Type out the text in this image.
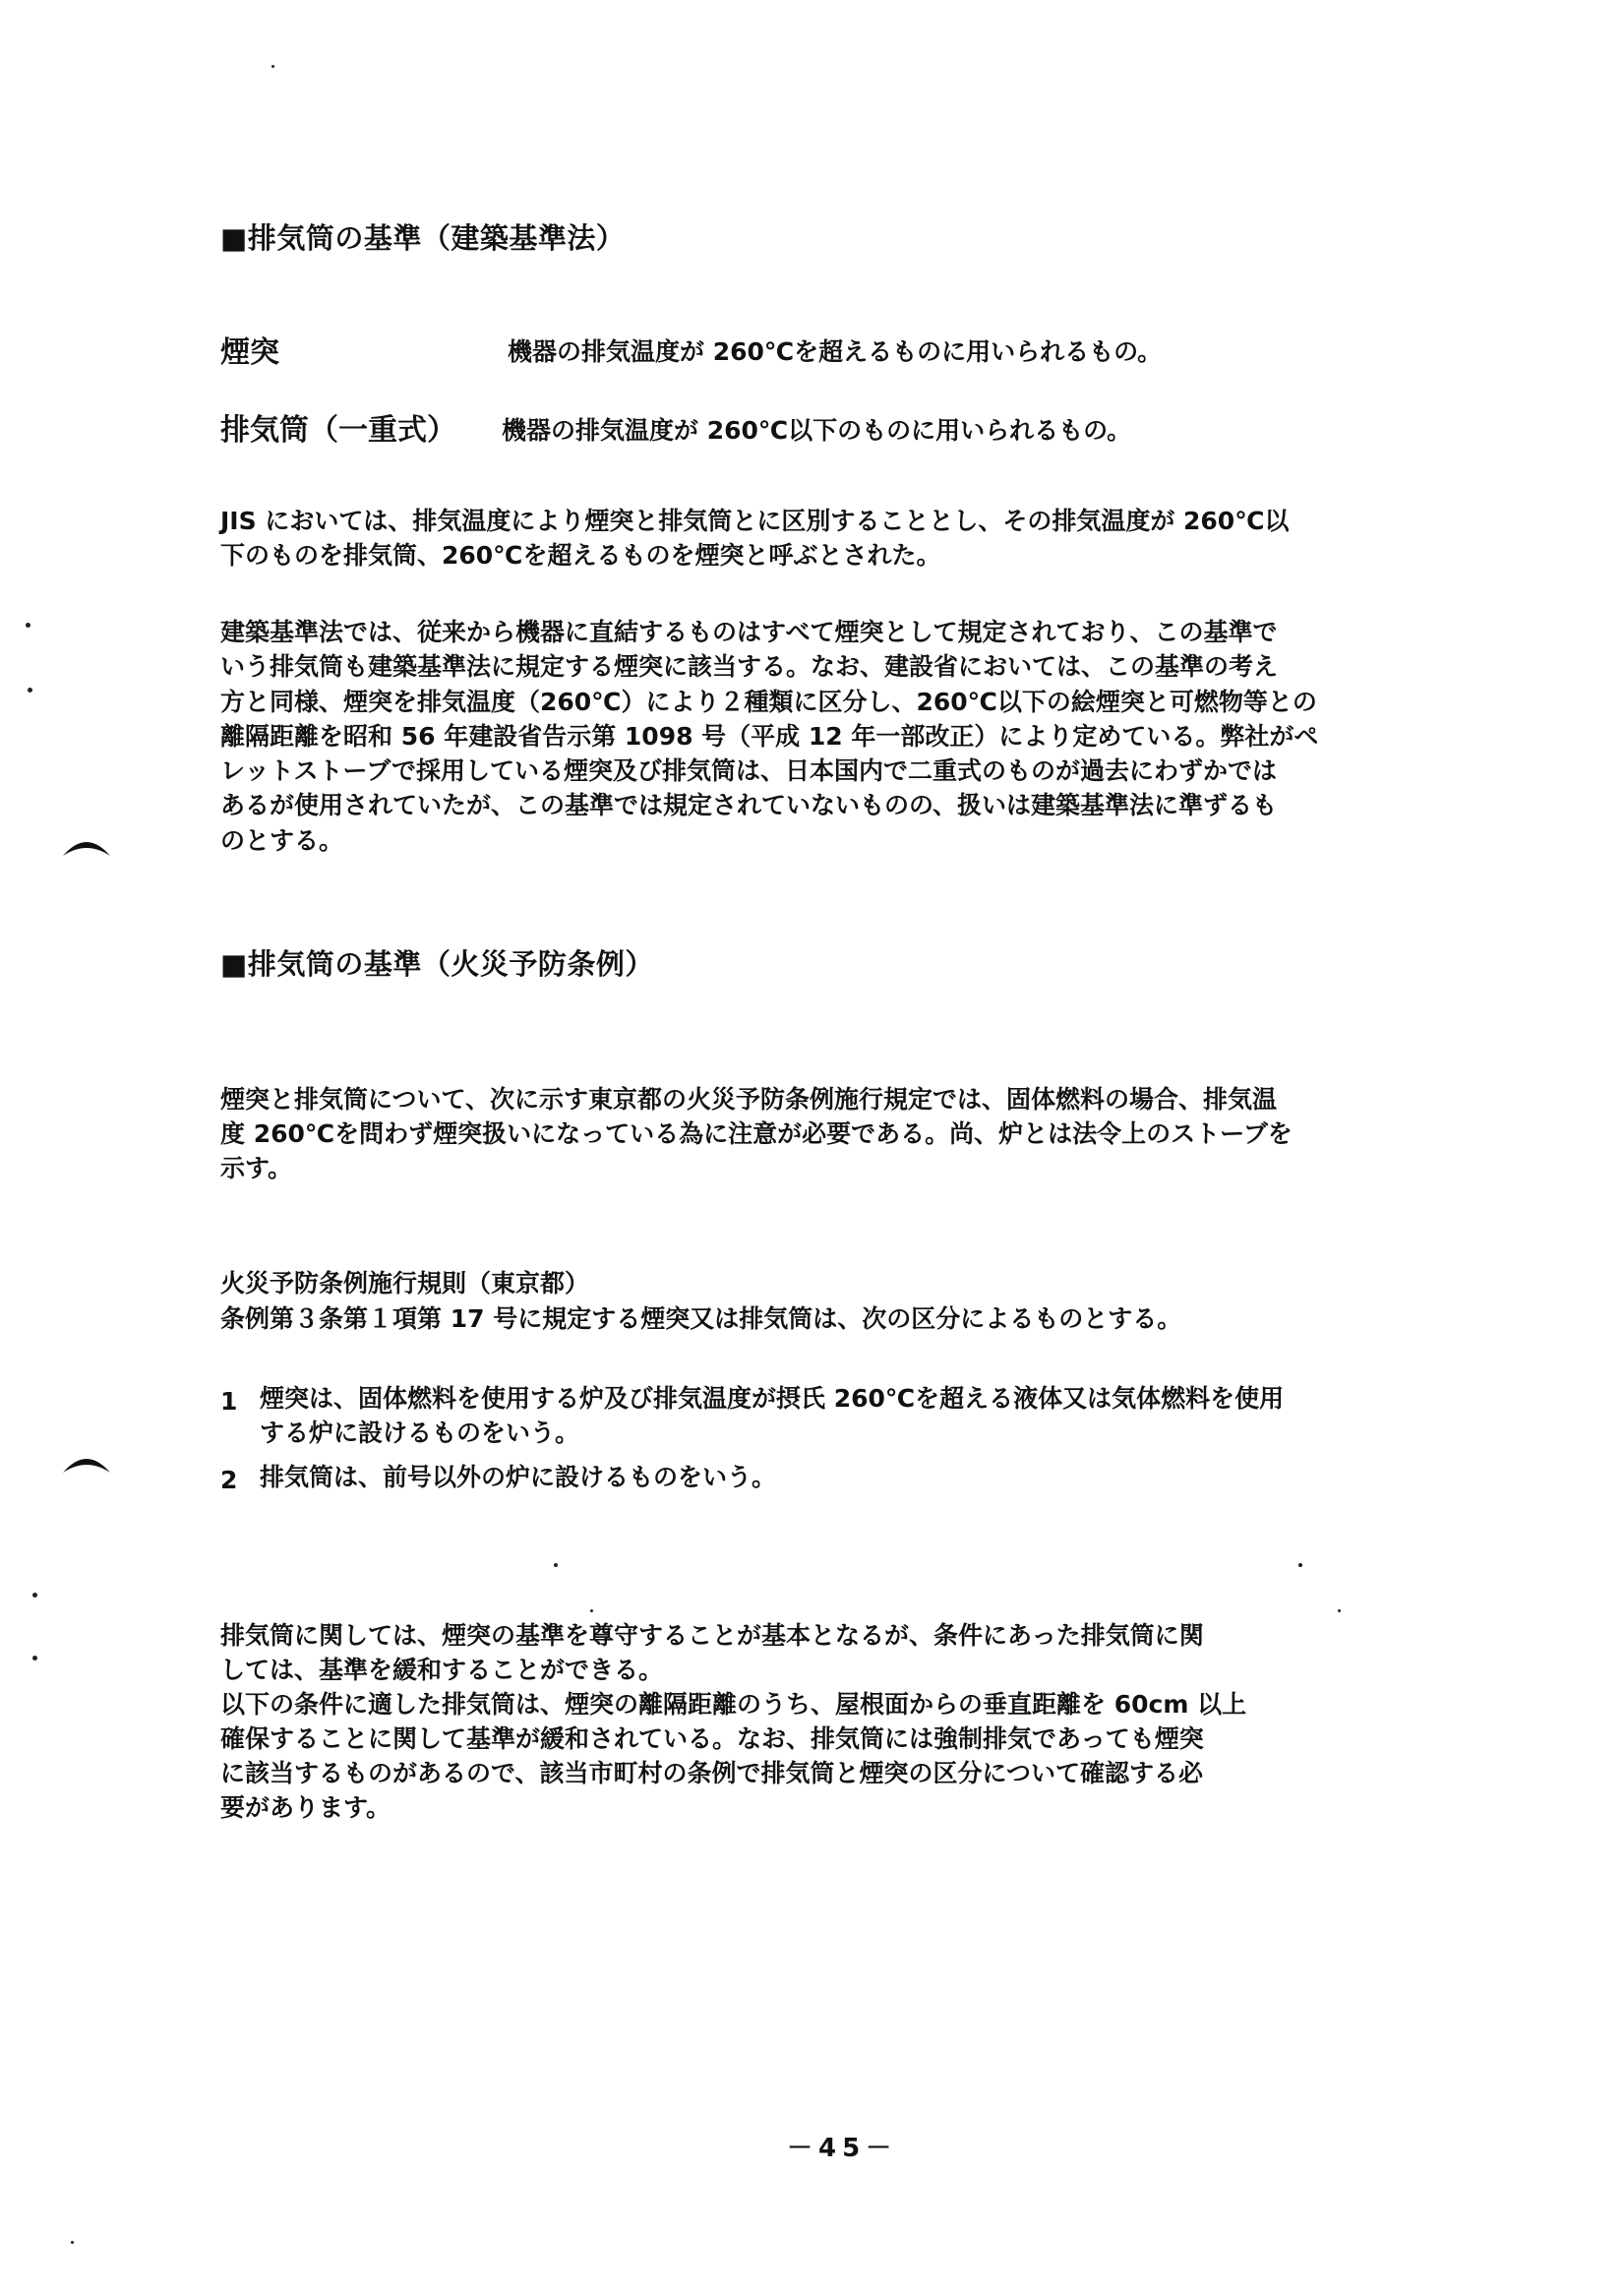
■排気筒の基準（建築基準法）
煙突	機器の排気温度が 260℃を超えるものに用いられるもの。
排気筒（一重式） 機器の排気温度が 260℃以下のものに用いられるもの。
JIS においては、排気温度により煙突と排気筒とに区別することとし、その排気温度が 260℃以
下のものを排気筒、260℃を超えるものを煙突と呼ぶとされた。
建築基準法では、従来から機器に直結するものはすべて煙突として規定されており、この基準で
いう排気筒も建築基準法に規定する煙突に該当する。なお、建設省においては、この基準の考え
方と同様、煙突を排気温度（260℃）により２種類に区分し、260℃以下の絵煙突と可燃物等との
離隔距離を昭和 56 年建設省告示第 1098 号（平成 12 年一部改正）により定めている。弊社がペ
レットストーブで採用している煙突及び排気筒は、日本国内で二重式のものが過去にわずかでは
あるが使用されていたが、この基準では規定されていないものの、扱いは建築基準法に準ずるも
のとする。
■排気筒の基準（火災予防条例）
煙突と排気筒について、次に示す東京都の火災予防条例施行規定では、固体燃料の場合、排気温
度 260℃を問わず煙突扱いになっている為に注意が必要である。尚、炉とは法令上のストーブを
示す。
火災予防条例施行規則（東京都）
条例第３条第１項第 17 号に規定する煙突又は排気筒は、次の区分によるものとする。
1 煙突は、固体燃料を使用する炉及び排気温度が摂氏 260℃を超える液体又は気体燃料を使用
する炉に設けるものをいう。
2 排気筒は、前号以外の炉に設けるものをいう。
排気筒に関しては、煙突の基準を尊守することが基本となるが、条件にあった排気筒に関
しては、基準を緩和することができる。
以下の条件に適した排気筒は、煙突の離隔距離のうち、屋根面からの垂直距離を 60cm 以上
確保することに関して基準が緩和されている。なお、排気筒には強制排気であっても煙突
に該当するものがあるので、該当市町村の条例で排気筒と煙突の区分について確認する必
要があります。
－45－
